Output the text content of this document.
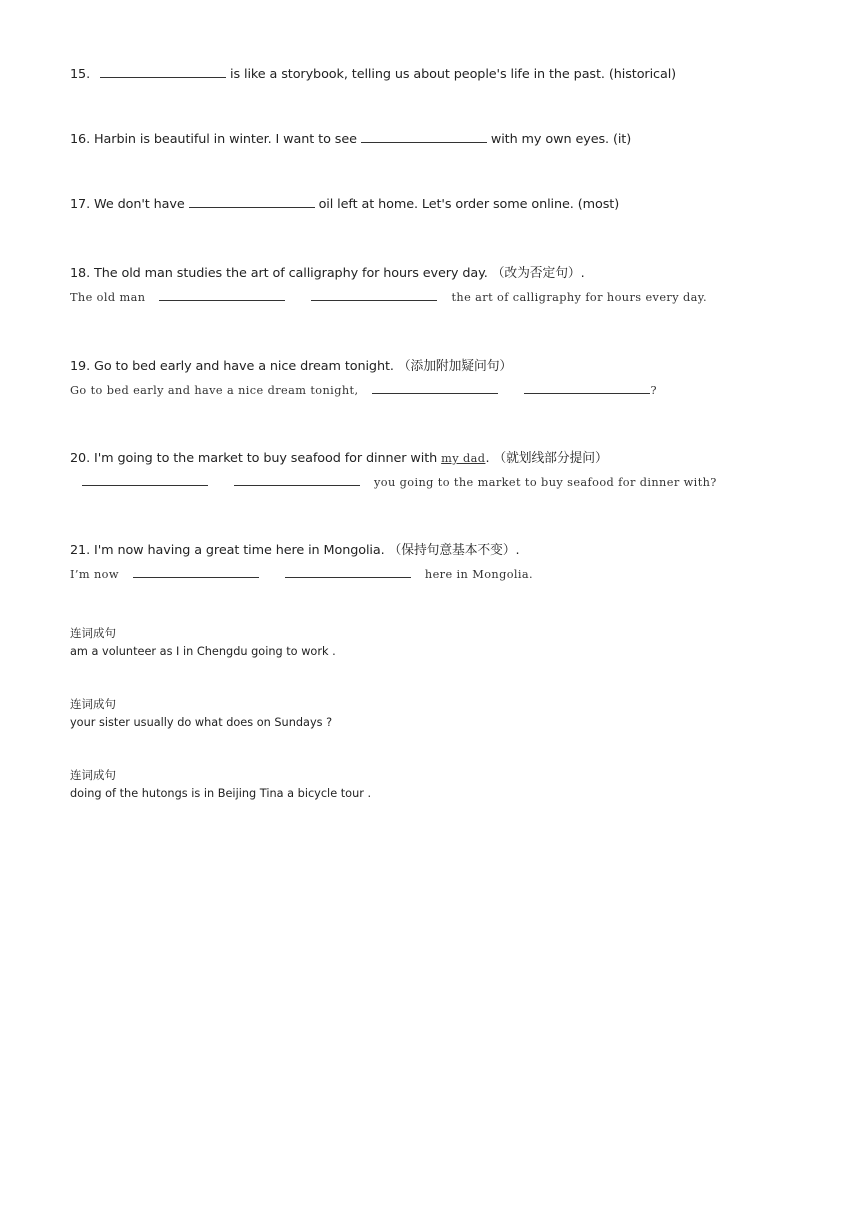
15.	is like a storybook, telling us about people's life in the past. (historical)
16. Harbin is beautiful in winter. I want to see	with my own eyes. (it)
17. We don't have	oil left at home. Let's order some online. (most)
18. The old man studies the art of calligraphy for hours every day. （改为否定句）.
The old man	the art of calligraphy for hours every day.
19. Go to bed early and have a nice dream tonight. （添加附加疑问句）
Go to bed early and have a nice dream tonight,	?
20. I'm going to the market to buy seafood for dinner with my dad. （就划线部分提问）
you going to the market to buy seafood for dinner with?
21. I'm now having a great time here in Mongolia. （保持句意基本不变）.
I’m now	here in Mongolia.
连词成句
am a volunteer as I in Chengdu going to work .
连词成句
your sister usually do what does on Sundays ?
连词成句
doing of the hutongs is in Beijing Tina a bicycle tour .
